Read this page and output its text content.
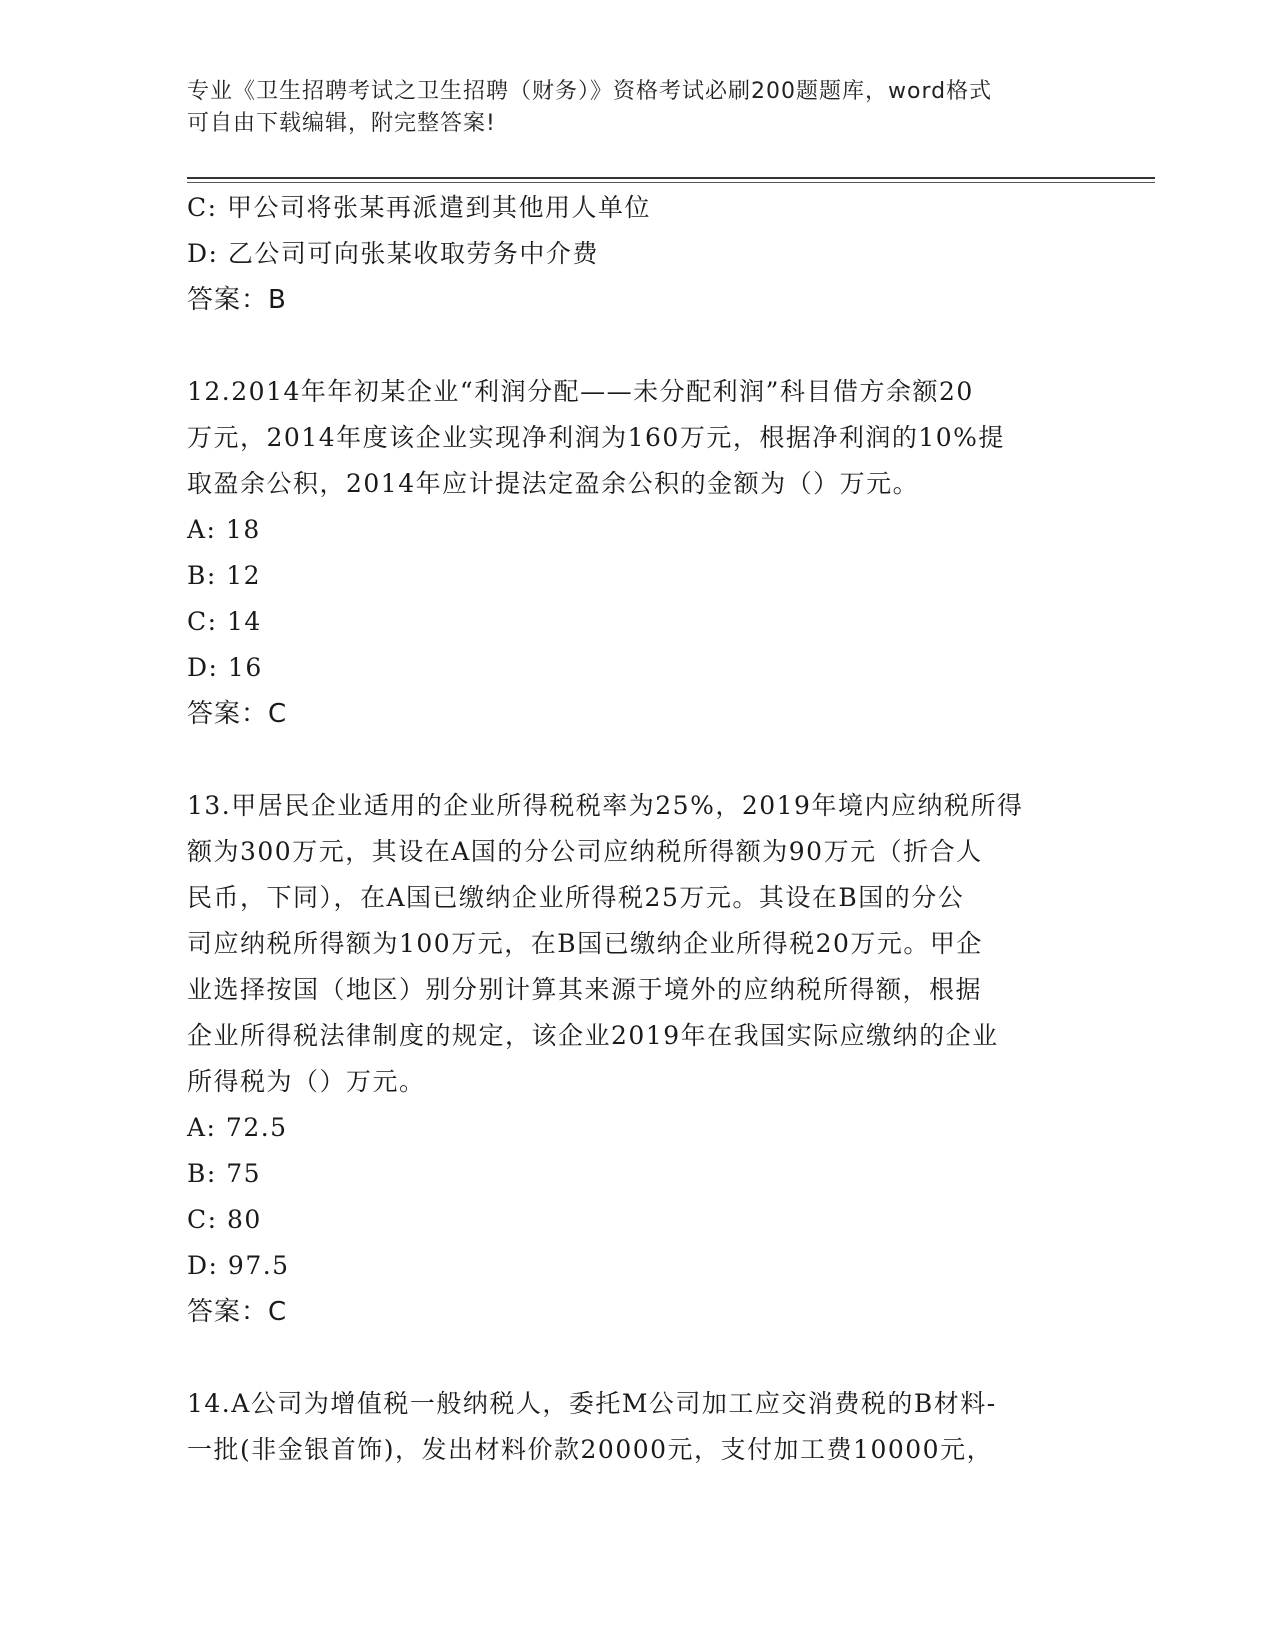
专业《卫生招聘考试之卫生招聘（财务）》资格考试必刷200题题库，word格式
可自由下载编辑，附完整答案!
C: 甲公司将张某再派遣到其他用人单位
D: 乙公司可向张某收取劳务中介费
答案：B
12.2014年年初某企业“利润分配——未分配利润”科目借方余额20
万元，2014年度该企业实现净利润为160万元，根据净利润的10%提
取盈余公积，2014年应计提法定盈余公积的金额为（）万元。
A: 18
B: 12
C: 14
D: 16
答案：C
13.甲居民企业适用的企业所得税税率为25%，2019年境内应纳税所得
额为300万元，其设在A国的分公司应纳税所得额为90万元（折合人
民币，下同），在A国已缴纳企业所得税25万元。其设在B国的分公
司应纳税所得额为100万元，在B国已缴纳企业所得税20万元。甲企
业选择按国（地区）别分别计算其来源于境外的应纳税所得额，根据
企业所得税法律制度的规定，该企业2019年在我国实际应缴纳的企业
所得税为（）万元。
A: 72.5
B: 75
C: 80
D: 97.5
答案：C
14.A公司为增值税一般纳税人，委托M公司加工应交消费税的B材料-
一批(非金银首饰)，发出材料价款20000元，支付加工费10000元，
